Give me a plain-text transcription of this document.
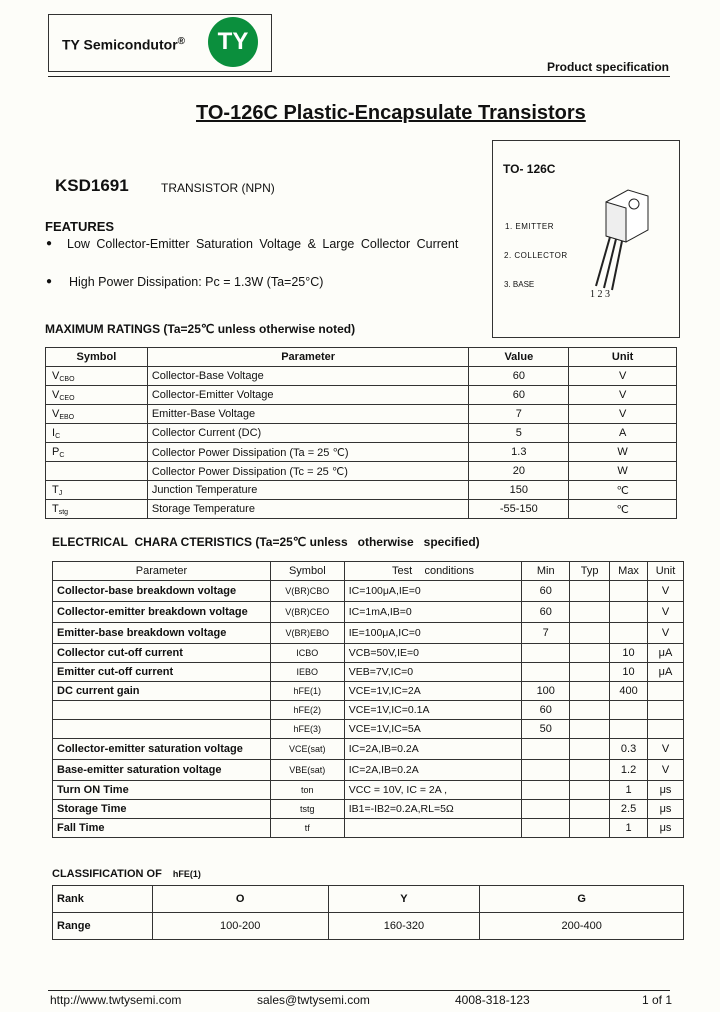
TY Semicondutor®	TY
Product specification
TO-126C Plastic-Encapsulate Transistors
KSD1691	TRANSISTOR (NPN)
TO- 126C
1. EMITTER
2. COLLECTOR
3. BASE
1 2 3
FEATURES
● Low Collector-Emitter Saturation Voltage & Large Collector Current
● High Power Dissipation: Pc = 1.3W (Ta=25°C)
MAXIMUM RATINGS (Ta=25℃ unless otherwise noted)
Symbol	Parameter	Value	Unit
$V_{CBO}$	Collector-Base Voltage	60	V
$V_{CEO}$	Collector-Emitter Voltage	60	V
$V_{EBO}$	Emitter-Base Voltage	7	V
$I_C$	Collector Current (DC)	5	A
$P_C$	Collector Power Dissipation (Ta = 25 ℃)	1.3	W
	Collector Power Dissipation (Tc = 25 ℃)	20	W
$T_J$	Junction Temperature	150	℃
$T_{stg}$	Storage Temperature	-55-150	℃
ELECTRICAL  CHARA CTERISTICS (Ta=25℃ unless   otherwise   specified)
Parameter	Symbol	Test    conditions	Min	Typ	Max	Unit
Collector-base breakdown voltage	V(BR)CBO	IC=100μA,IE=0	60			V
Collector-emitter breakdown voltage	V(BR)CEO	IC=1mA,IB=0	60			V
Emitter-base breakdown voltage	V(BR)EBO	IE=100μA,IC=0	7			V
Collector cut-off current	ICBO	VCB=50V,IE=0			10	μA
Emitter cut-off current	IEBO	VEB=7V,IC=0			10	μA
DC current gain	hFE(1)	VCE=1V,IC=2A	100		400	
	hFE(2)	VCE=1V,IC=0.1A	60			
	hFE(3)	VCE=1V,IC=5A	50			
Collector-emitter saturation voltage	VCE(sat)	IC=2A,IB=0.2A			0.3	V
Base-emitter saturation voltage	VBE(sat)	IC=2A,IB=0.2A			1.2	V
Turn ON Time	ton	VCC = 10V, IC = 2A ,			1	μs
Storage Time	tstg	IB1=-IB2=0.2A,RL=5Ω			2.5	μs
Fall Time	tf				1	μs
CLASSIFICATION OF hFE(1)
Rank	O	Y	G
Range	100-200	160-320	200-400
http://www.twtysemi.com	sales@twtysemi.com	4008-318-123	1 of 1
